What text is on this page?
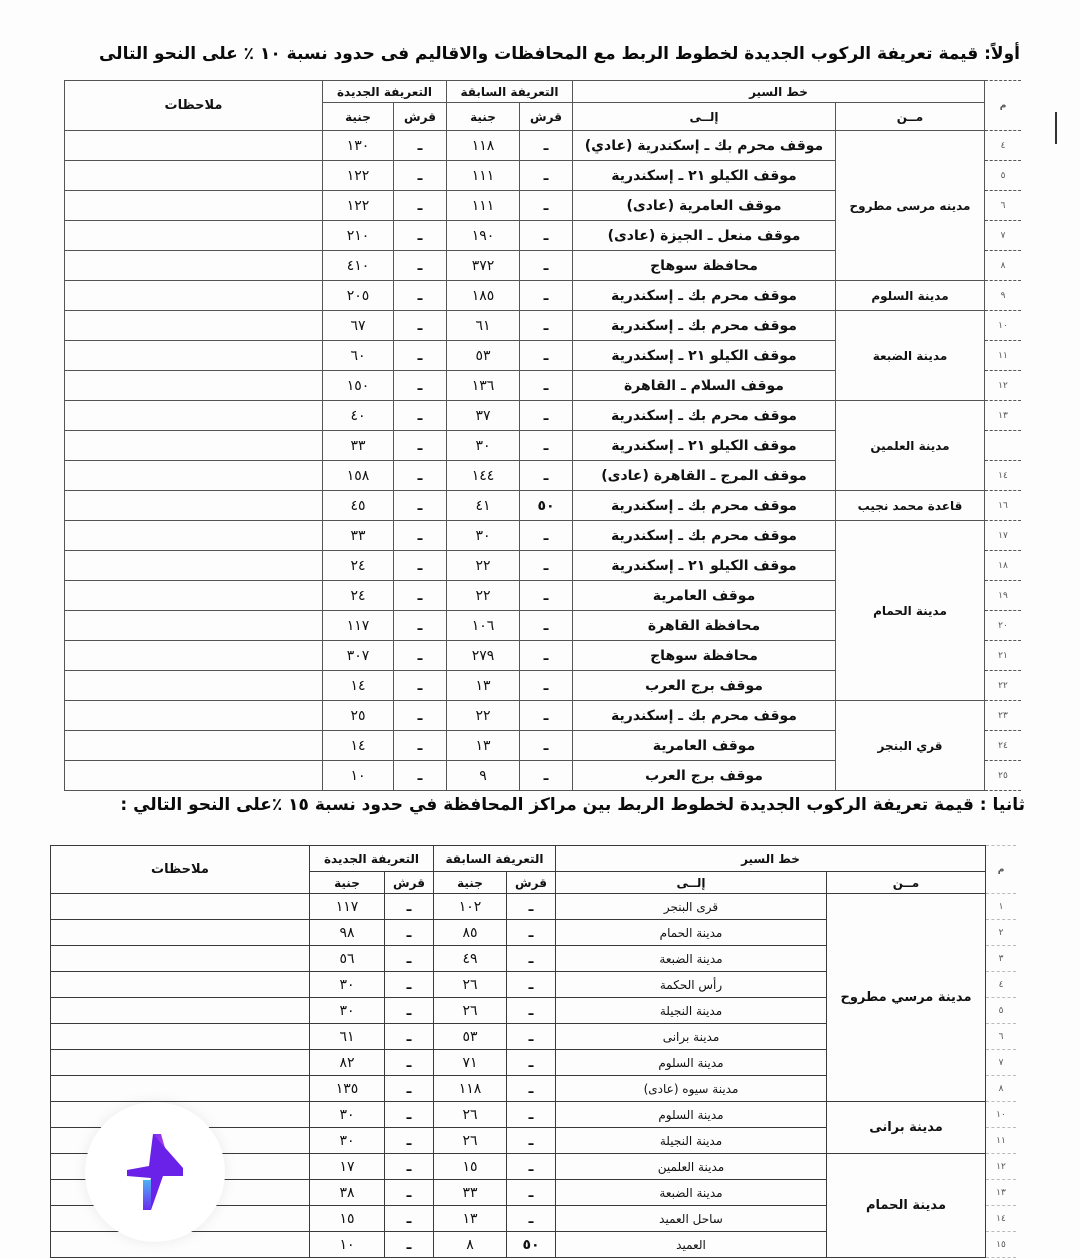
أولاً: قيمة تعريفة الركوب الجديدة لخطوط الربط مع المحافظات والاقاليم فى حدود نسبة ١٠ ٪ على النحو التالى
م	خط السير		التعريفة السابقة		التعريفة الجديدة		ملاحظات
	مــن	إلــى	قرش	جنية	قرش	جنية	
٤	مدينه مرسى مطروح	موقف محرم بك ـ إسكندرية (عادي)	ـ	١١٨	ـ	١٣٠	
٥		موقف الكيلو ٢١ ـ إسكندرية	ـ	١١١	ـ	١٢٢	
٦		موقف العامرية (عادى)	ـ	١١١	ـ	١٢٢	
٧		موقف منعل ـ الجيزة (عادى)	ـ	١٩٠	ـ	٢١٠	
٨		محافظة سوهاج	ـ	٣٧٢	ـ	٤١٠	
٩	مدينة السلوم	موقف محرم بك ـ إسكندرية	ـ	١٨٥	ـ	٢٠٥	
١٠	مدينة الضبعة	موقف محرم بك ـ إسكندرية	ـ	٦١	ـ	٦٧	
١١		موقف الكيلو ٢١ ـ إسكندرية	ـ	٥٣	ـ	٦٠	
١٢		موقف السلام ـ القاهرة	ـ	١٣٦	ـ	١٥٠	
١٣	مدينة العلمين	موقف محرم بك ـ إسكندرية	ـ	٣٧	ـ	٤٠	
		موقف الكيلو ٢١ ـ إسكندرية	ـ	٣٠	ـ	٣٣	
١٤		موقف المرج ـ القاهرة (عادى)	ـ	١٤٤	ـ	١٥٨	
١٦	قاعدة محمد نجيب	موقف محرم بك ـ إسكندرية	٥٠	٤١	ـ	٤٥	
١٧	مدينة الحمام	موقف محرم بك ـ إسكندرية	ـ	٣٠	ـ	٣٣	
١٨		موقف الكيلو ٢١ ـ إسكندرية	ـ	٢٢	ـ	٢٤	
١٩		موقف العامرية	ـ	٢٢	ـ	٢٤	
٢٠		محافظة القاهرة	ـ	١٠٦	ـ	١١٧	
٢١		محافظة سوهاج	ـ	٢٧٩	ـ	٣٠٧	
٢٢		موقف برج العرب	ـ	١٣	ـ	١٤	
٢٣	قري البنجر	موقف محرم بك ـ إسكندرية	ـ	٢٢	ـ	٢٥	
٢٤		موقف العامرية	ـ	١٣	ـ	١٤	
٢٥		موقف برج العرب	ـ	٩	ـ	١٠	
ثانيا : قيمة تعريفة الركوب الجديدة لخطوط الربط بين مراكز المحافظة في حدود نسبة ١٥ ٪على النحو التالي :
م	خط السير		التعريفة السابقة		التعريفة الجديدة		ملاحظات
	مــن	إلــى	قرش	جنية	قرش	جنية	
١	مدينة مرسي مطروح	قرى البنجر	ـ	١٠٢	ـ	١١٧	
٢		مدينة الحمام	ـ	٨٥	ـ	٩٨	
٣		مدينة الضبعة	ـ	٤٩	ـ	٥٦	
٤		رأس الحكمة	ـ	٢٦	ـ	٣٠	
٥		مدينة النجيلة	ـ	٢٦	ـ	٣٠	
٦		مدينة برانى	ـ	٥٣	ـ	٦١	
٧		مدينة السلوم	ـ	٧١	ـ	٨٢	
٨		مدينة سيوه (عادى)	ـ	١١٨	ـ	١٣٥	
١٠	مدينة برانى	مدينة السلوم	ـ	٢٦	ـ	٣٠	
١١		مدينة النجيلة	ـ	٢٦	ـ	٣٠	
١٢	مدينة الحمام	مدينة العلمين	ـ	١٥	ـ	١٧	
١٣		مدينة الضبعة	ـ	٣٣	ـ	٣٨	
١٤		ساحل العميد	ـ	١٣	ـ	١٥	
١٥		العميد	٥٠	٨	ـ	١٠	
